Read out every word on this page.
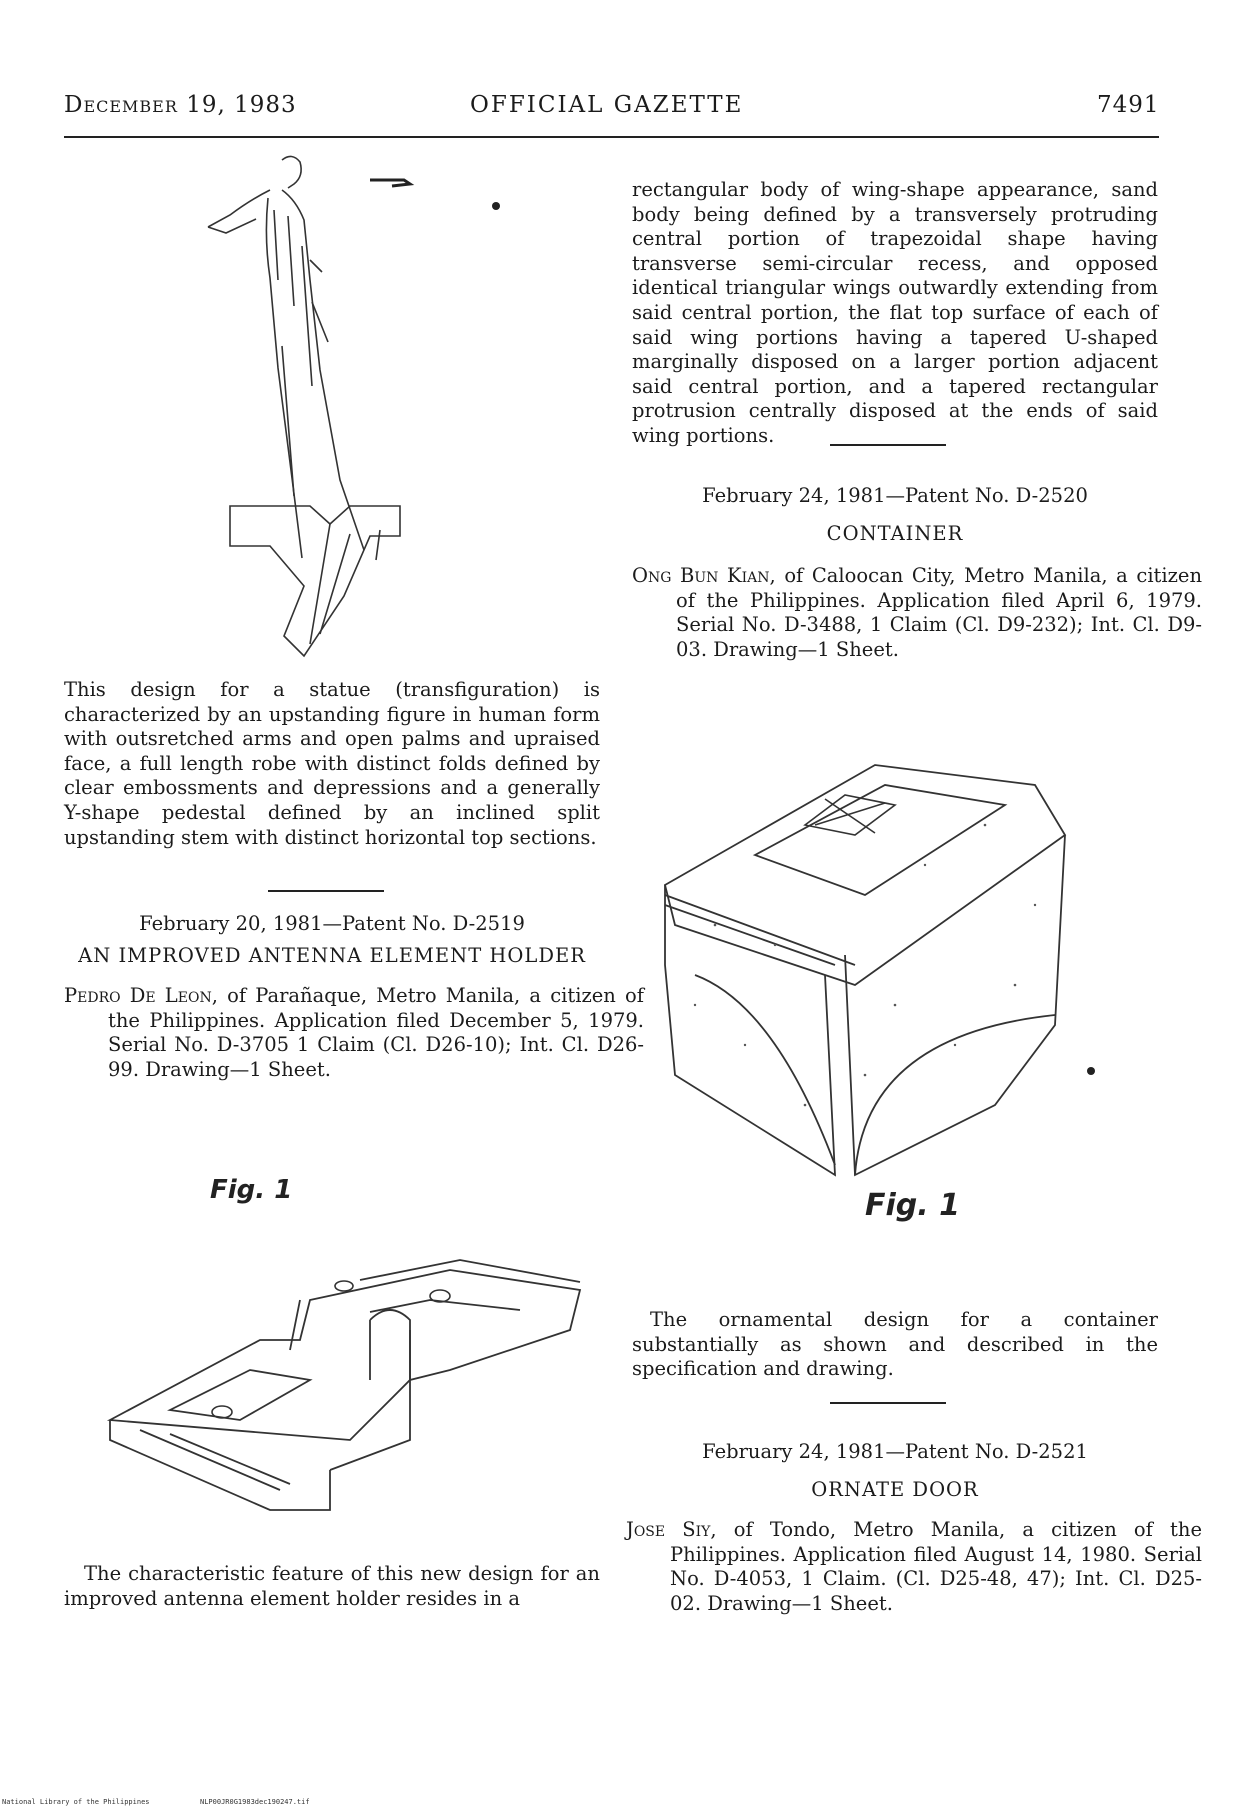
December 19, 1983	OFFICIAL GAZETTE	7491

This design for a statue (transfiguration) is characterized by an upstanding figure in human form with outsretched arms and open palms and upraised face, a full length robe with distinct folds defined by clear embossments and depressions and a generally Y-shape pedestal defined by an inclined split upstanding stem with distinct horizontal top sections.

February 20, 1981—Patent No. D-2519

AN IMPROVED ANTENNA ELEMENT HOLDER

Pedro De Leon, of Parañaque, Metro Manila, a citizen of the Philippines. Application filed December 5, 1979. Serial No. D-3705 1 Claim (Cl. D26-10); Int. Cl. D26-99. Drawing—1 Sheet.

Fig. 1

The characteristic feature of this new design for an improved antenna element holder resides in a

rectangular body of wing-shape appearance, sand body being defined by a transversely protruding central portion of trapezoidal shape having transverse semi-circular recess, and opposed identical triangular wings outwardly extending from said central portion, the flat top surface of each of said wing portions having a tapered U-shaped marginally disposed on a larger portion adjacent said central portion, and a tapered rectangular protrusion centrally disposed at the ends of said wing portions.

February 24, 1981—Patent No. D-2520

CONTAINER

Ong Bun Kian, of Caloocan City, Metro Manila, a citizen of the Philippines. Application filed April 6, 1979. Serial No. D-3488, 1 Claim (Cl. D9-232); Int. Cl. D9-03. Drawing—1 Sheet.

Fig. 1

The ornamental design for a container substantially as shown and described in the specification and drawing.

February 24, 1981—Patent No. D-2521

ORNATE DOOR

Jose Siy, of Tondo, Metro Manila, a citizen of the Philippines. Application filed August 14, 1980. Serial No. D-4053, 1 Claim. (Cl. D25-48, 47); Int. Cl. D25-02. Drawing—1 Sheet.

National Library of the Philippines	NLP00JR0G1983dec190247.tif
